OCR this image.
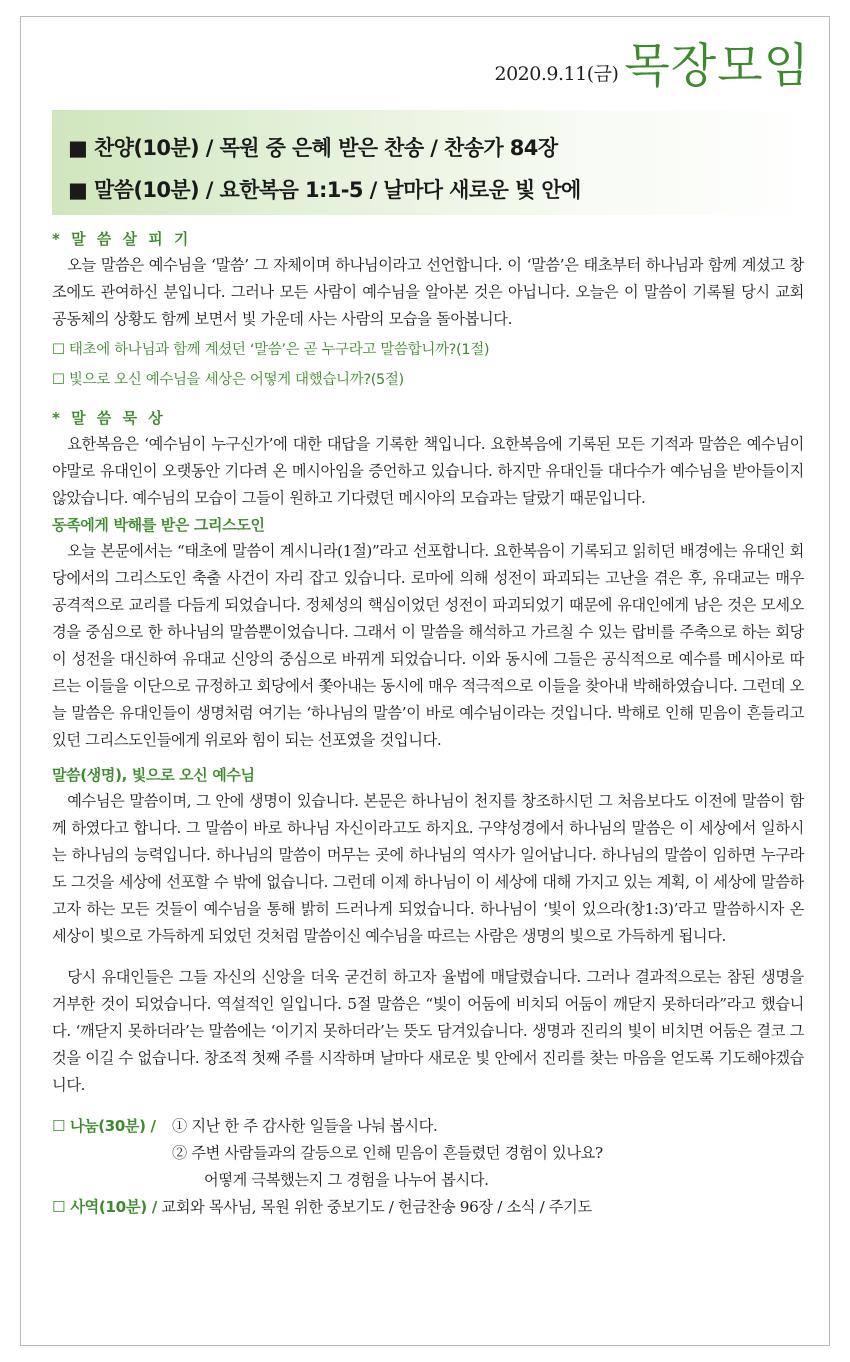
2020.9.11(금) 목장모임
■ 찬양(10분) / 목원 중 은혜 받은 찬송 / 찬송가 84장
■ 말씀(10분) / 요한복음 1:1-5 / 날마다 새로운 빛 안에

* 말 씀 살 피 기

오늘 말씀은 예수님을 ‘말씀’ 그 자체이며 하나님이라고 선언합니다. 이 ‘말씀’은 태초부터 하나님과 함께 계셨고 창조에도 관여하신 분입니다. 그러나 모든 사람이 예수님을 알아본 것은 아닙니다. 오늘은 이 말씀이 기록될 당시 교회 공동체의 상황도 함께 보면서 빛 가운데 사는 사람의 모습을 돌아봅니다.

☐ 태초에 하나님과 함께 계셨던 ‘말씀’은 곧 누구라고 말씀합니까?(1절)

☐ 빛으로 오신 예수님을 세상은 어떻게 대했습니까?(5절)

* 말 씀 묵 상

요한복음은 ‘예수님이 누구신가’에 대한 대답을 기록한 책입니다. 요한복음에 기록된 모든 기적과 말씀은 예수님이야말로 유대인이 오랫동안 기다려 온 메시아임을 증언하고 있습니다. 하지만 유대인들 대다수가 예수님을 받아들이지 않았습니다. 예수님의 모습이 그들이 원하고 기다렸던 메시아의 모습과는 달랐기 때문입니다.

동족에게 박해를 받은 그리스도인

오늘 본문에서는 “태초에 말씀이 계시니라(1절)”라고 선포합니다. 요한복음이 기록되고 읽히던 배경에는 유대인 회당에서의 그리스도인 축출 사건이 자리 잡고 있습니다. 로마에 의해 성전이 파괴되는 고난을 겪은 후, 유대교는 매우 공격적으로 교리를 다듬게 되었습니다. 정체성의 핵심이었던 성전이 파괴되었기 때문에 유대인에게 남은 것은 모세오경을 중심으로 한 하나님의 말씀뿐이었습니다. 그래서 이 말씀을 해석하고 가르칠 수 있는 랍비를 주축으로 하는 회당이 성전을 대신하여 유대교 신앙의 중심으로 바뀌게 되었습니다. 이와 동시에 그들은 공식적으로 예수를 메시아로 따르는 이들을 이단으로 규정하고 회당에서 쫓아내는 동시에 매우 적극적으로 이들을 찾아내 박해하였습니다. 그런데 오늘 말씀은 유대인들이 생명처럼 여기는 ‘하나님의 말씀’이 바로 예수님이라는 것입니다. 박해로 인해 믿음이 흔들리고 있던 그리스도인들에게 위로와 힘이 되는 선포였을 것입니다.

말씀(생명), 빛으로 오신 예수님

예수님은 말씀이며, 그 안에 생명이 있습니다. 본문은 하나님이 천지를 창조하시던 그 처음보다도 이전에 말씀이 함께 하였다고 합니다. 그 말씀이 바로 하나님 자신이라고도 하지요. 구약성경에서 하나님의 말씀은 이 세상에서 일하시는 하나님의 능력입니다. 하나님의 말씀이 머무는 곳에 하나님의 역사가 일어납니다. 하나님의 말씀이 임하면 누구라도 그것을 세상에 선포할 수 밖에 없습니다. 그런데 이제 하나님이 이 세상에 대해 가지고 있는 계획, 이 세상에 말씀하고자 하는 모든 것들이 예수님을 통해 밝히 드러나게 되었습니다. 하나님이 ‘빛이 있으라(창1:3)’라고 말씀하시자 온 세상이 빛으로 가득하게 되었던 것처럼 말씀이신 예수님을 따르는 사람은 생명의 빛으로 가득하게 됩니다.

당시 유대인들은 그들 자신의 신앙을 더욱 굳건히 하고자 율법에 매달렸습니다. 그러나 결과적으로는 참된 생명을 거부한 것이 되었습니다. 역설적인 일입니다. 5절 말씀은 “빛이 어둠에 비치되 어둠이 깨닫지 못하더라”라고 했습니다. ‘깨닫지 못하더라’는 말씀에는 ‘이기지 못하더라’는 뜻도 담겨있습니다. 생명과 진리의 빛이 비치면 어둠은 결코 그것을 이길 수 없습니다. 창조적 첫째 주를 시작하며 날마다 새로운 빛 안에서 진리를 찾는 마음을 얻도록 기도해야겠습니다.

☐ 나눔(30분) /	① 지난 한 주 감사한 일들을 나눠 봅시다.
② 주변 사람들과의 갈등으로 인해 믿음이 흔들렸던 경험이 있나요?
어떻게 극복했는지 그 경험을 나누어 봅시다.
☐ 사역(10분) / 교회와 목사님, 목원 위한 중보기도 / 헌금찬송 96장 / 소식 / 주기도
